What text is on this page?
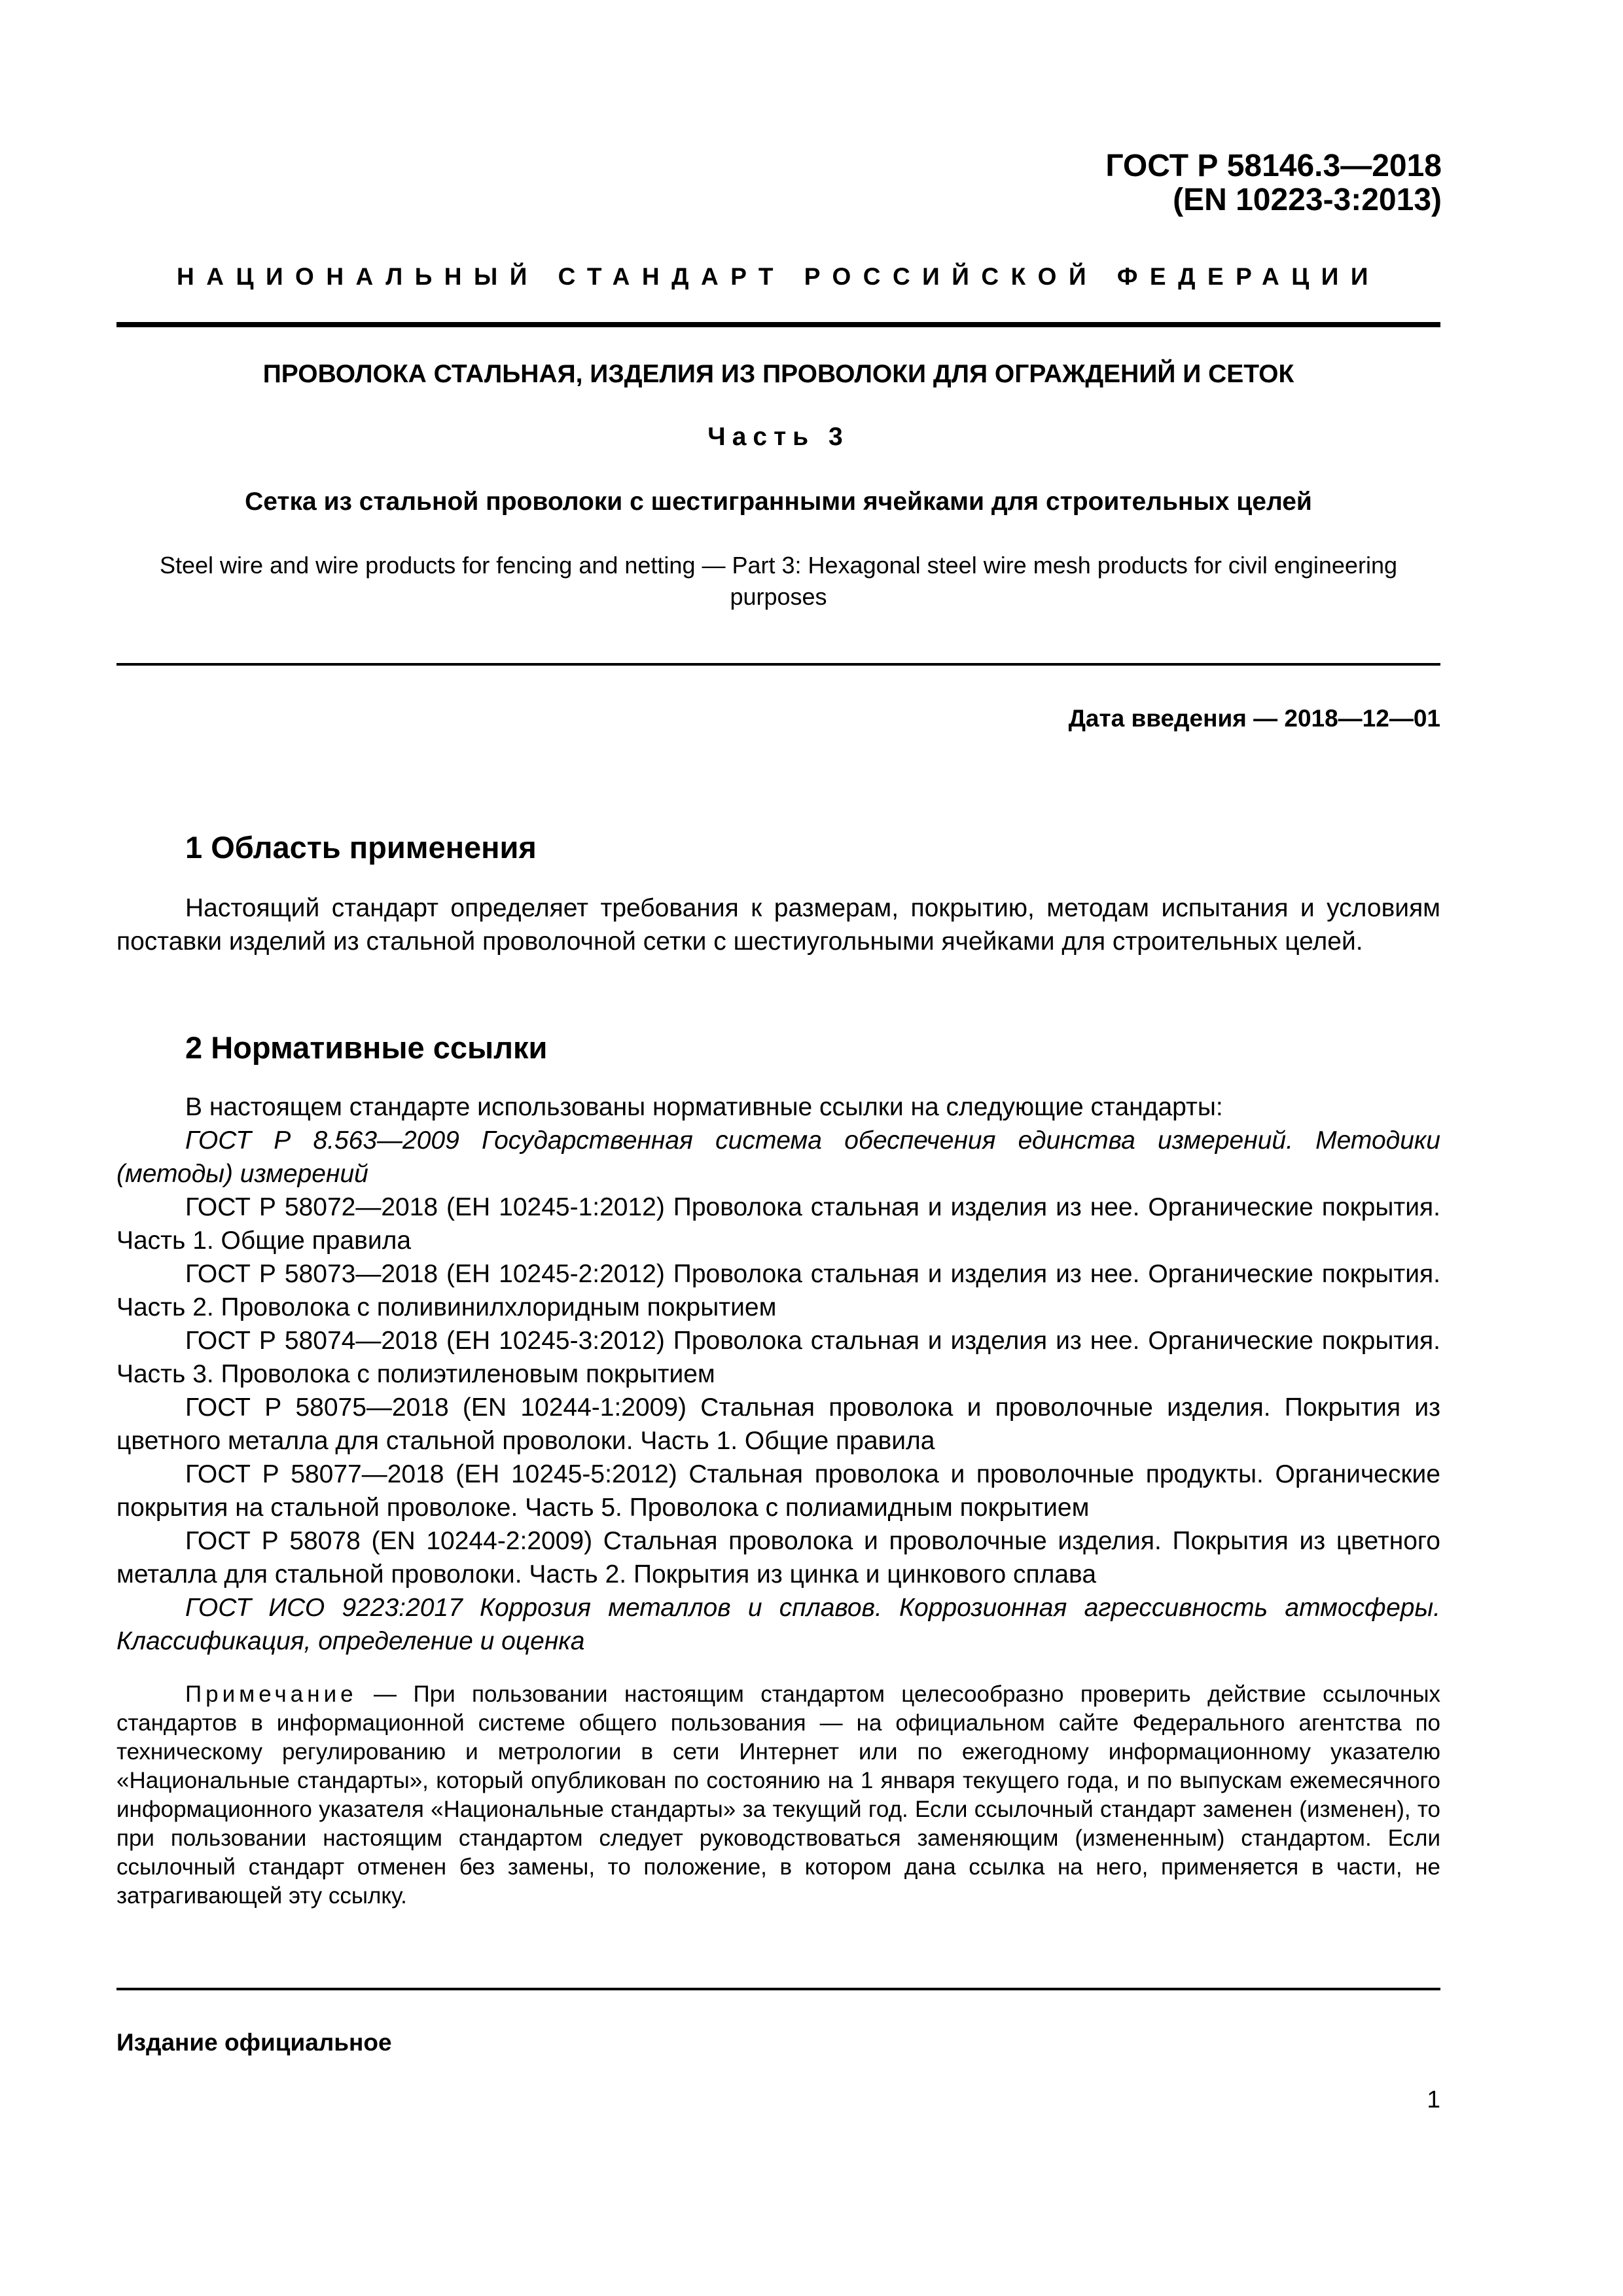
ГОСТ Р 58146.3—2018
(EN 10223-3:2013)
НАЦИОНАЛЬНЫЙ СТАНДАРТ РОССИЙСКОЙ ФЕДЕРАЦИИ
ПРОВОЛОКА СТАЛЬНАЯ, ИЗДЕЛИЯ ИЗ ПРОВОЛОКИ ДЛЯ ОГРАЖДЕНИЙ И СЕТОК
Часть 3
Сетка из стальной проволоки с шестигранными ячейками для строительных целей
Steel wire and wire products for fencing and netting — Part 3: Hexagonal steel wire mesh products for civil engineering purposes
Дата введения — 2018—12—01
1 Область применения

Настоящий стандарт определяет требования к размерам, покрытию, методам испытания и условиям поставки изделий из стальной проволочной сетки с шестиугольными ячейками для строительных целей.

2 Нормативные ссылки

В настоящем стандарте использованы нормативные ссылки на следующие стандарты:

ГОСТ Р 8.563—2009 Государственная система обеспечения единства измерений. Методики (методы) измерений

ГОСТ Р 58072—2018 (ЕН 10245-1:2012) Проволока стальная и изделия из нее. Органические покрытия. Часть 1. Общие правила

ГОСТ Р 58073—2018 (ЕН 10245-2:2012) Проволока стальная и изделия из нее. Органические покрытия. Часть 2. Проволока с поливинилхлоридным покрытием

ГОСТ Р 58074—2018 (ЕН 10245-3:2012) Проволока стальная и изделия из нее. Органические покрытия. Часть 3. Проволока с полиэтиленовым покрытием

ГОСТ Р 58075—2018 (EN 10244-1:2009) Стальная проволока и проволочные изделия. Покрытия из цветного металла для стальной проволоки. Часть 1. Общие правила

ГОСТ Р 58077—2018 (ЕН 10245-5:2012) Стальная проволока и проволочные продукты. Органические покрытия на стальной проволоке. Часть 5. Проволока с полиамидным покрытием

ГОСТ Р 58078 (EN 10244-2:2009) Стальная проволока и проволочные изделия. Покрытия из цветного металла для стальной проволоки. Часть 2. Покрытия из цинка и цинкового сплава

ГОСТ ИСО 9223:2017 Коррозия металлов и сплавов. Коррозионная агрессивность атмосферы. Классификация, определение и оценка

Примечание — При пользовании настоящим стандартом целесообразно проверить действие ссылочных стандартов в информационной системе общего пользования — на официальном сайте Федерального агентства по техническому регулированию и метрологии в сети Интернет или по ежегодному информационному указателю «Национальные стандарты», который опубликован по состоянию на 1 января текущего года, и по выпускам ежемесячного информационного указателя «Национальные стандарты» за текущий год. Если ссылочный стандарт заменен (изменен), то при пользовании настоящим стандартом следует руководствоваться заменяющим (измененным) стандартом. Если ссылочный стандарт отменен без замены, то положение, в котором дана ссылка на него, применяется в части, не затрагивающей эту ссылку.
Издание официальное
1
